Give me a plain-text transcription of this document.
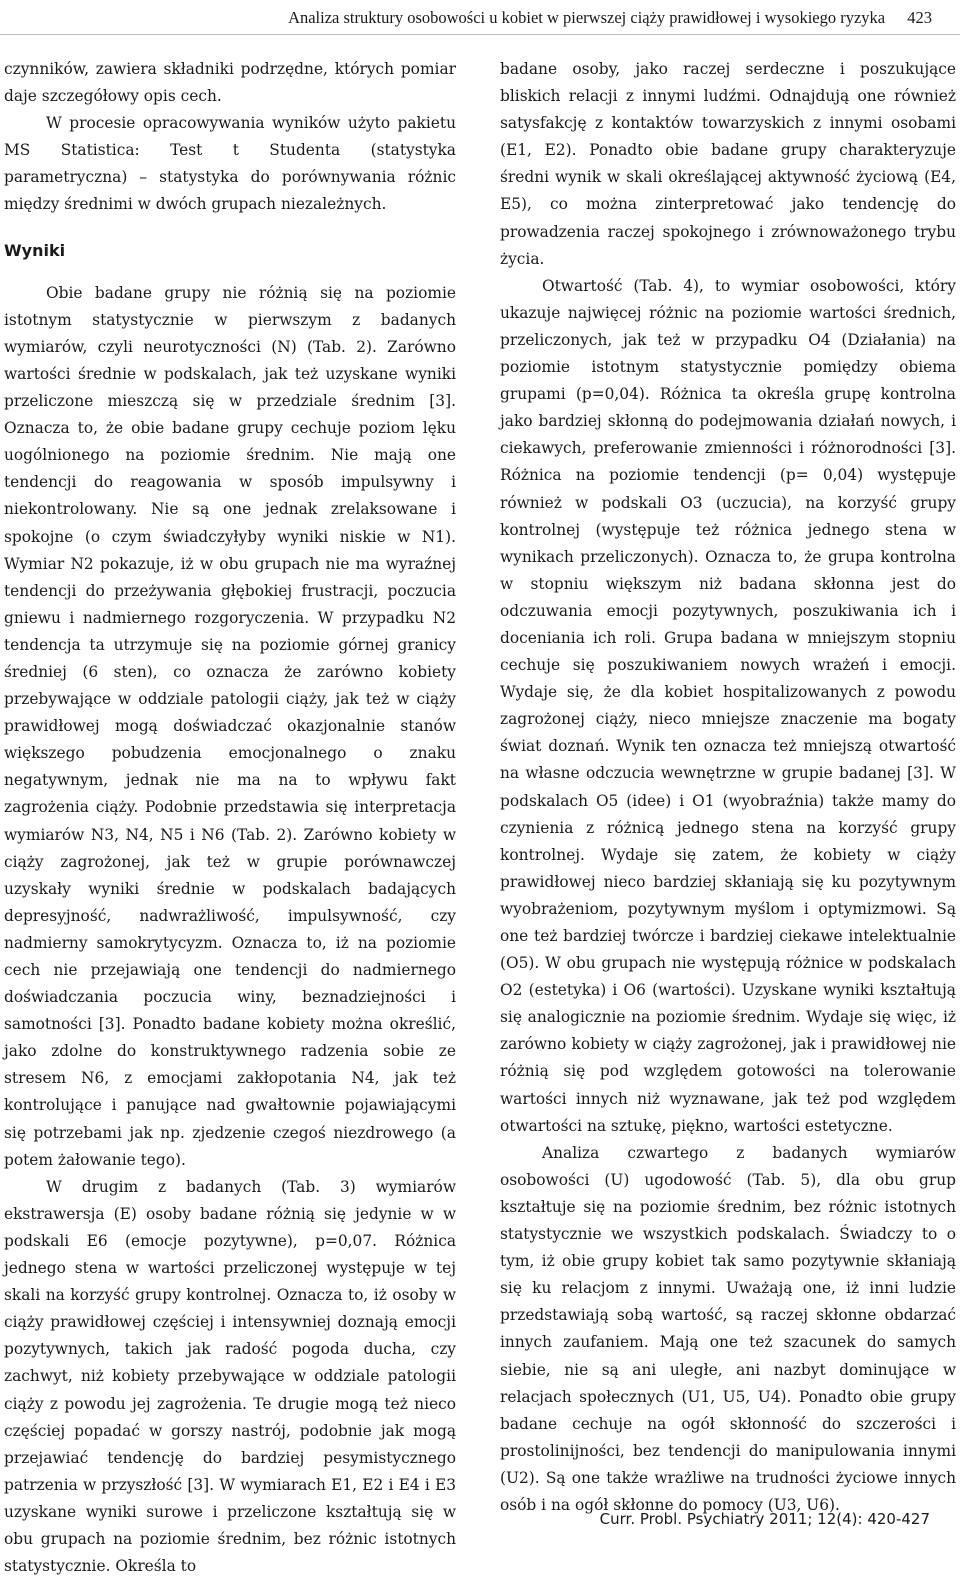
Analiza struktury osobowości u kobiet w pierwszej ciąży prawidłowej i wysokiego ryzyka 423

czynników, zawiera składniki podrzędne, których pomiar daje szczegółowy opis cech.

W procesie opracowywania wyników użyto pakietu MS Statistica: Test t Studenta (statystyka parametryczna) – statystyka do porównywania różnic między średnimi w dwóch grupach niezależnych.

Wyniki

Obie badane grupy nie różnią się na poziomie istotnym statystycznie w pierwszym z badanych wymiarów, czyli neurotyczności (N) (Tab. 2). Zarówno wartości średnie w podskalach, jak też uzyskane wyniki przeliczone mieszczą się w przedziale średnim [3]. Oznacza to, że obie badane grupy cechuje poziom lęku uogólnionego na poziomie średnim. Nie mają one tendencji do reagowania w sposób impulsywny i niekontrolowany. Nie są one jednak zrelaksowane i spokojne (o czym świadczyłyby wyniki niskie w N1). Wymiar N2 pokazuje, iż w obu grupach nie ma wyraźnej tendencji do przeżywania głębokiej frustracji, poczucia gniewu i nadmiernego rozgoryczenia. W przypadku N2 tendencja ta utrzymuje się na poziomie górnej granicy średniej (6 sten), co oznacza że zarówno kobiety przebywające w oddziale patologii ciąży, jak też w ciąży prawidłowej mogą doświadczać okazjonalnie stanów większego pobudzenia emocjonalnego o znaku negatywnym, jednak nie ma na to wpływu fakt zagrożenia ciąży. Podobnie przedstawia się interpretacja wymiarów N3, N4, N5 i N6 (Tab. 2). Zarówno kobiety w ciąży zagrożonej, jak też w grupie porównawczej uzyskały wyniki średnie w podskalach badających depresyjność, nadwrażliwość, impulsywność, czy nadmierny samokrytycyzm. Oznacza to, iż na poziomie cech nie przejawiają one tendencji do nadmiernego doświadczania poczucia winy, beznadziejności i samotności [3]. Ponadto badane kobiety można określić, jako zdolne do konstruktywnego radzenia sobie ze stresem N6, z emocjami zakłopotania N4, jak też kontrolujące i panujące nad gwałtownie pojawiającymi się potrzebami jak np. zjedzenie czegoś niezdrowego (a potem żałowanie tego).

W drugim z badanych (Tab. 3) wymiarów ekstrawersja (E) osoby badane różnią się jedynie w w podskali E6 (emocje pozytywne), p=0,07. Różnica jednego stena w wartości przeliczonej występuje w tej skali na korzyść grupy kontrolnej. Oznacza to, iż osoby w ciąży prawidłowej częściej i intensywniej doznają emocji pozytywnych, takich jak radość pogoda ducha, czy zachwyt, niż kobiety przebywające w oddziale patologii ciąży z powodu jej zagrożenia. Te drugie mogą też nieco częściej popadać w gorszy nastrój, podobnie jak mogą przejawiać tendencję do bardziej pesymistycznego patrzenia w przyszłość [3]. W wymiarach E1, E2 i E4 i E3 uzyskane wyniki surowe i przeliczone kształtują się w obu grupach na poziomie średnim, bez różnic istotnych statystycznie. Określa to

badane osoby, jako raczej serdeczne i poszukujące bliskich relacji z innymi ludźmi. Odnajdują one również satysfakcję z kontaktów towarzyskich z innymi osobami (E1, E2). Ponadto obie badane grupy charakteryzuje średni wynik w skali określającej aktywność życiową (E4, E5), co można zinterpretować jako tendencję do prowadzenia raczej spokojnego i zrównoważonego trybu życia.

Otwartość (Tab. 4), to wymiar osobowości, który ukazuje najwięcej różnic na poziomie wartości średnich, przeliczonych, jak też w przypadku O4 (Działania) na poziomie istotnym statystycznie pomiędzy obiema grupami (p=0,04). Różnica ta określa grupę kontrolna jako bardziej skłonną do podejmowania działań nowych, i ciekawych, preferowanie zmienności i różnorodności [3]. Różnica na poziomie tendencji (p= 0,04) występuje również w podskali O3 (uczucia), na korzyść grupy kontrolnej (występuje też różnica jednego stena w wynikach przeliczonych). Oznacza to, że grupa kontrolna w stopniu większym niż badana skłonna jest do odczuwania emocji pozytywnych, poszukiwania ich i doceniania ich roli. Grupa badana w mniejszym stopniu cechuje się poszukiwaniem nowych wrażeń i emocji. Wydaje się, że dla kobiet hospitalizowanych z powodu zagrożonej ciąży, nieco mniejsze znaczenie ma bogaty świat doznań. Wynik ten oznacza też mniejszą otwartość na własne odczucia wewnętrzne w grupie badanej [3]. W podskalach O5 (idee) i O1 (wyobraźnia) także mamy do czynienia z różnicą jednego stena na korzyść grupy kontrolnej. Wydaje się zatem, że kobiety w ciąży prawidłowej nieco bardziej skłaniają się ku pozytywnym wyobrażeniom, pozytywnym myślom i optymizmowi. Są one też bardziej twórcze i bardziej ciekawe intelektualnie (O5). W obu grupach nie występują różnice w podskalach O2 (estetyka) i O6 (wartości). Uzyskane wyniki kształtują się analogicznie na poziomie średnim. Wydaje się więc, iż zarówno kobiety w ciąży zagrożonej, jak i prawidłowej nie różnią się pod względem gotowości na tolerowanie wartości innych niż wyznawane, jak też pod względem otwartości na sztukę, piękno, wartości estetyczne.

Analiza czwartego z badanych wymiarów osobowości (U) ugodowość (Tab. 5), dla obu grup kształtuje się na poziomie średnim, bez różnic istotnych statystycznie we wszystkich podskalach. Świadczy to o tym, iż obie grupy kobiet tak samo pozytywnie skłaniają się ku relacjom z innymi. Uważają one, iż inni ludzie przedstawiają sobą wartość, są raczej skłonne obdarzać innych zaufaniem. Mają one też szacunek do samych siebie, nie są ani uległe, ani nazbyt dominujące w relacjach społecznych (U1, U5, U4). Ponadto obie grupy badane cechuje na ogół skłonność do szczerości i prostolinijności, bez tendencji do manipulowania innymi (U2). Są one także wrażliwe na trudności życiowe innych osób i na ogół skłonne do pomocy (U3, U6).

Curr. Probl. Psychiatry 2011; 12(4): 420-427
